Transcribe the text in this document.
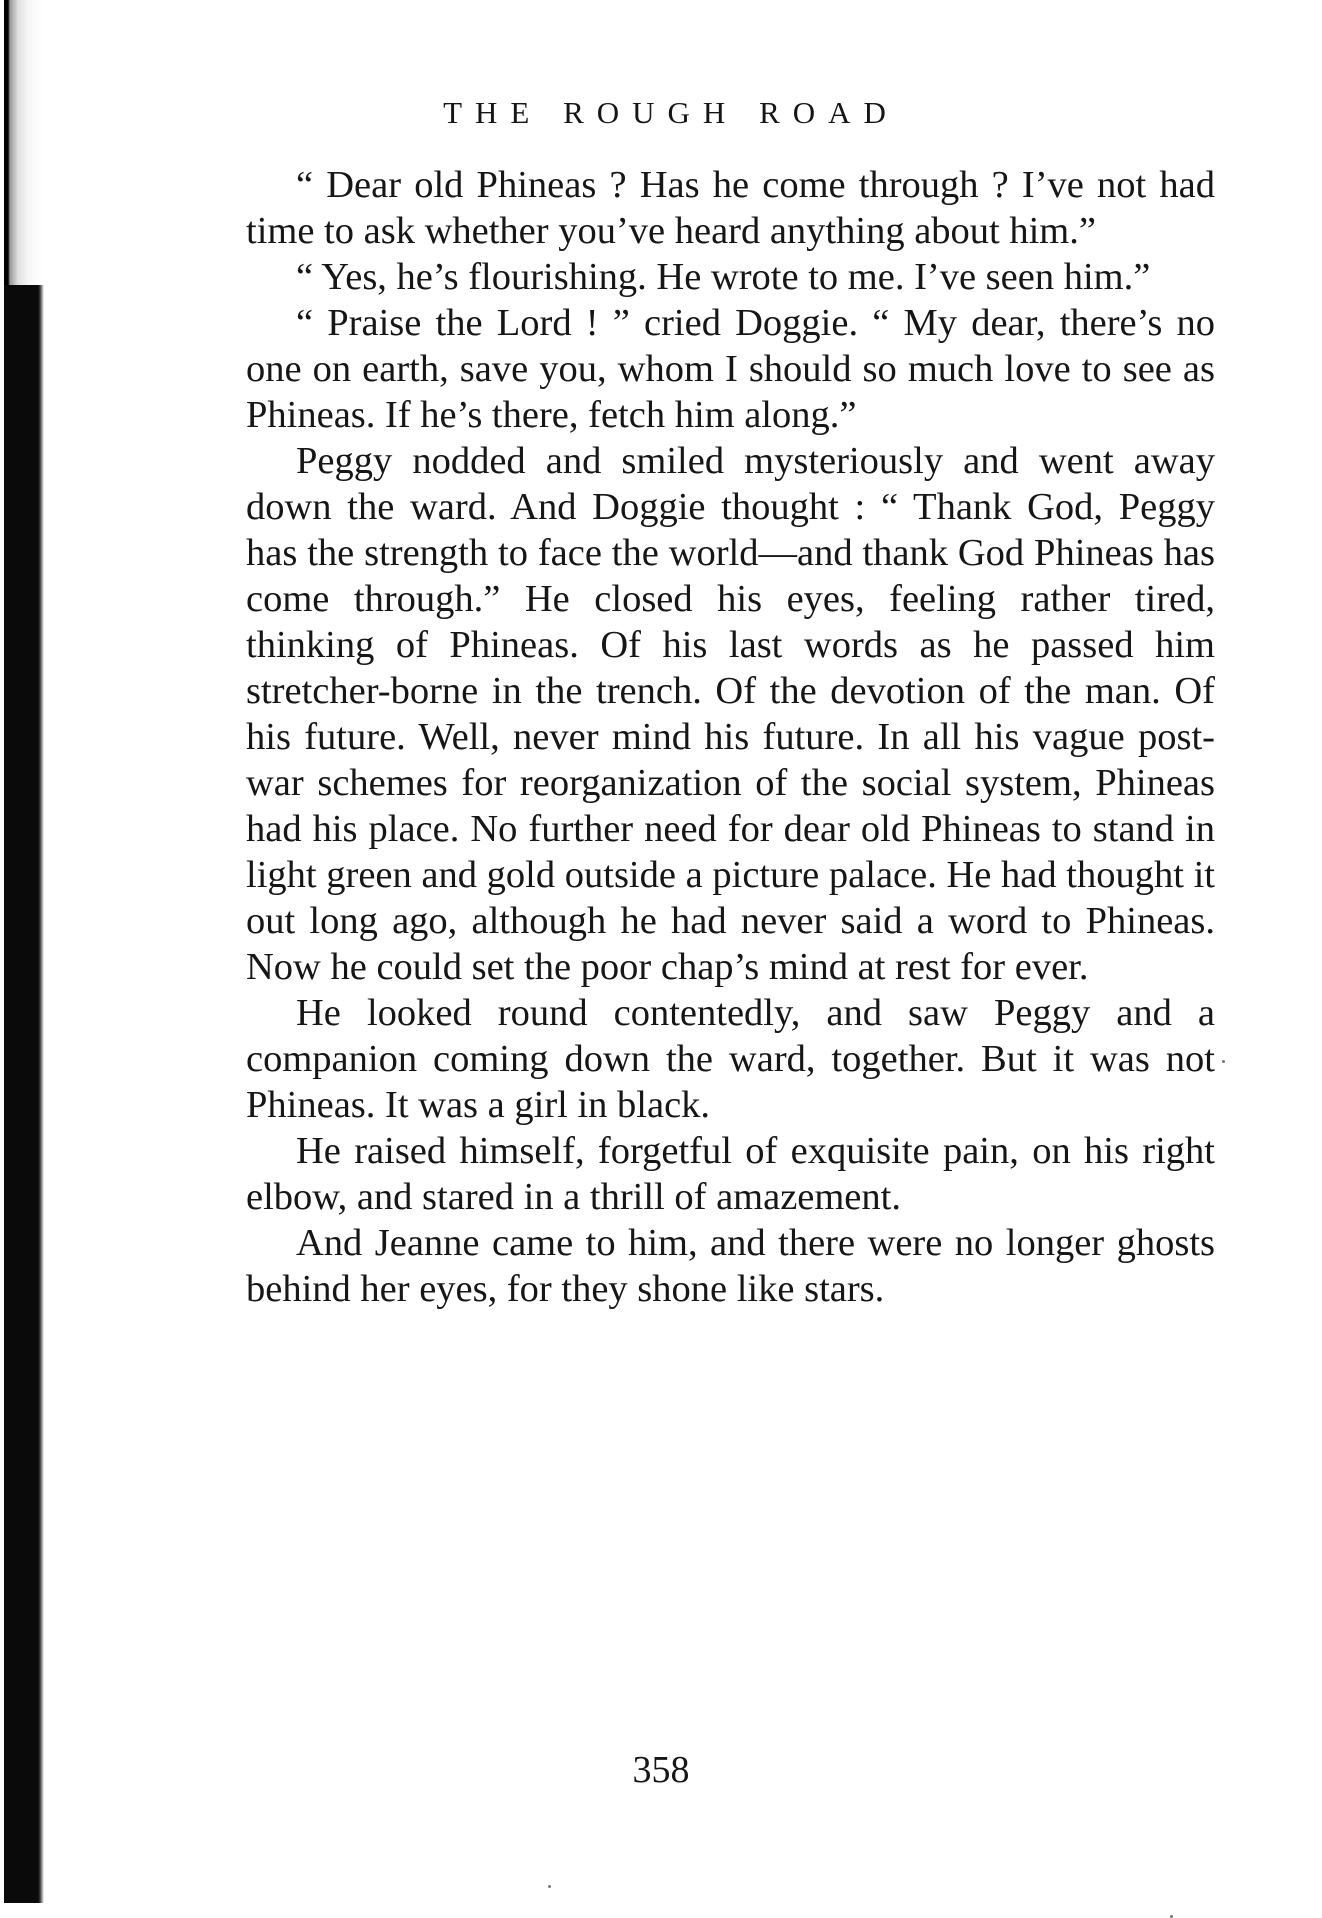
THE ROUGH ROAD

“ Dear old Phineas ? Has he come through ? I’ve not had time to ask whether you’ve heard anything about him.”

“ Yes, he’s flourishing. He wrote to me. I’ve seen him.”

“ Praise the Lord ! ” cried Doggie. “ My dear, there’s no one on earth, save you, whom I should so much love to see as Phineas. If he’s there, fetch him along.”

Peggy nodded and smiled mysteriously and went away down the ward. And Doggie thought : “ Thank God, Peggy has the strength to face the world—and thank God Phineas has come through.” He closed his eyes, feeling rather tired, thinking of Phineas. Of his last words as he passed him stretcher-borne in the trench. Of the devotion of the man. Of his future. Well, never mind his future. In all his vague post-war schemes for reorganization of the social system, Phineas had his place. No further need for dear old Phineas to stand in light green and gold outside a picture palace. He had thought it out long ago, although he had never said a word to Phineas. Now he could set the poor chap’s mind at rest for ever.

He looked round contentedly, and saw Peggy and a companion coming down the ward, together. But it was not Phineas. It was a girl in black.

He raised himself, forgetful of exquisite pain, on his right elbow, and stared in a thrill of amazement.

And Jeanne came to him, and there were no longer ghosts behind her eyes, for they shone like stars.

358
